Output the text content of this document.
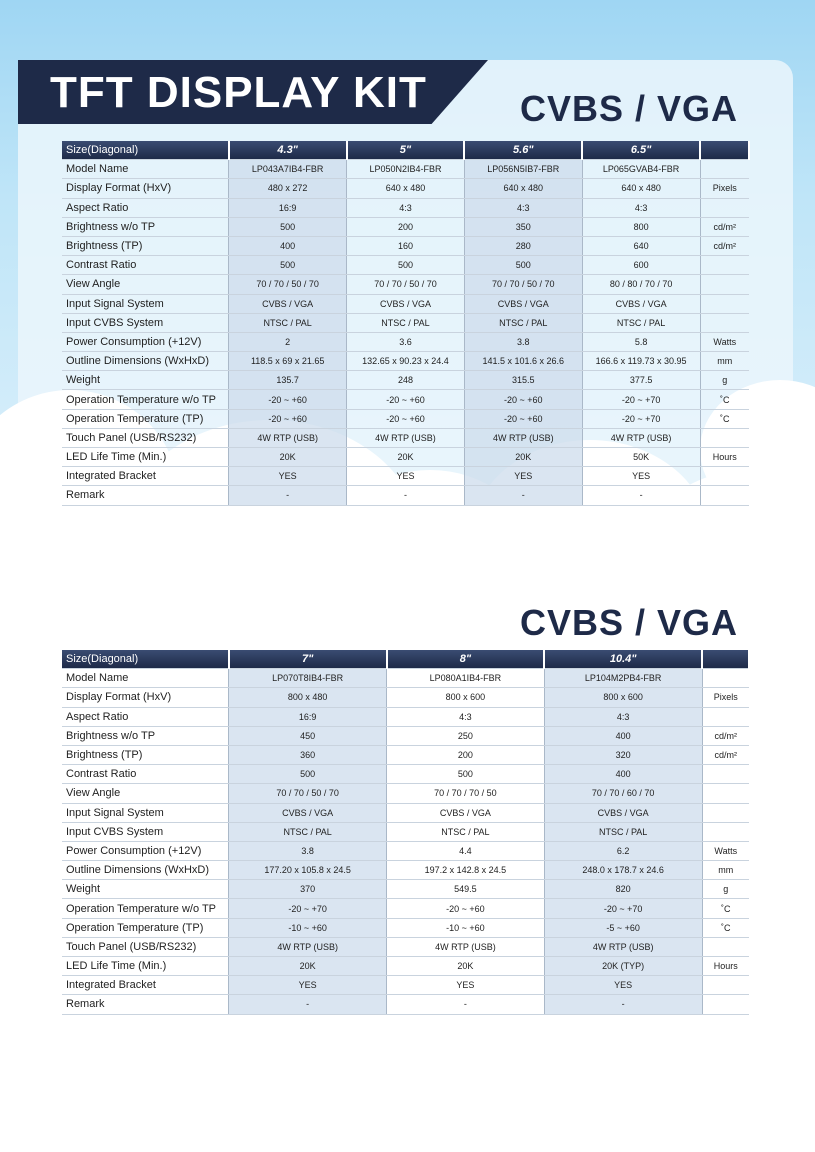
TFT DISPLAY KIT	CVBS / VGA
CVBS / VGA
Size(Diagonal)	4.3"	5"	5.6"	6.5"	
Model Name	LP043A7IB4-FBR	LP050N2IB4-FBR	LP056N5IB7-FBR	LP065GVAB4-FBR	
Display Format (HxV)	480 x 272	640 x 480	640 x 480	640 x 480	Pixels
Aspect Ratio	16:9	4:3	4:3	4:3	
Brightness w/o TP	500	200	350	800	cd/m²
Brightness (TP)	400	160	280	640	cd/m²
Contrast Ratio	500	500	500	600	
View Angle	70 / 70 / 50 / 70	70 / 70 / 50 / 70	70 / 70 / 50 / 70	80 / 80 / 70 / 70	
Input Signal System	CVBS / VGA	CVBS / VGA	CVBS / VGA	CVBS / VGA	
Input CVBS System	NTSC / PAL	NTSC / PAL	NTSC / PAL	NTSC / PAL	
Power Consumption (+12V)	2	3.6	3.8	5.8	Watts
Outline Dimensions (WxHxD)	118.5 x 69 x 21.65	132.65 x 90.23 x 24.4	141.5 x 101.6 x 26.6	166.6 x 119.73 x 30.95	mm
Weight	135.7	248	315.5	377.5	g
Operation Temperature w/o TP	-20 ~ +60	-20 ~ +60	-20 ~ +60	-20 ~ +70	˚C
Operation Temperature (TP)	-20 ~ +60	-20 ~ +60	-20 ~ +60	-20 ~ +70	˚C
Touch Panel (USB/RS232)	4W RTP (USB)	4W RTP (USB)	4W RTP (USB)	4W RTP (USB)	
LED Life Time (Min.)	20K	20K	20K	50K	Hours
Integrated Bracket	YES	YES	YES	YES	
Remark	-	-	-	-	
Size(Diagonal)	7"	8"	10.4"	
Model Name	LP070T8IB4-FBR	LP080A1IB4-FBR	LP104M2PB4-FBR	
Display Format (HxV)	800 x 480	800 x 600	800 x 600	Pixels
Aspect Ratio	16:9	4:3	4:3	
Brightness w/o TP	450	250	400	cd/m²
Brightness (TP)	360	200	320	cd/m²
Contrast Ratio	500	500	400	
View Angle	70 / 70 / 50 / 70	70 / 70 / 70 / 50	70 / 70 / 60 / 70	
Input Signal System	CVBS / VGA	CVBS / VGA	CVBS / VGA	
Input CVBS System	NTSC / PAL	NTSC / PAL	NTSC / PAL	
Power Consumption (+12V)	3.8	4.4	6.2	Watts
Outline Dimensions (WxHxD)	177.20 x 105.8 x 24.5	197.2 x 142.8 x 24.5	248.0 x 178.7 x 24.6	mm
Weight	370	549.5	820	g
Operation Temperature w/o TP	-20 ~ +70	-20 ~ +60	-20 ~ +70	˚C
Operation Temperature (TP)	-10 ~ +60	-10 ~ +60	-5 ~ +60	˚C
Touch Panel (USB/RS232)	4W RTP (USB)	4W RTP (USB)	4W RTP (USB)	
LED Life Time (Min.)	20K	20K	20K (TYP)	Hours
Integrated Bracket	YES	YES	YES	
Remark	-	-	-	
